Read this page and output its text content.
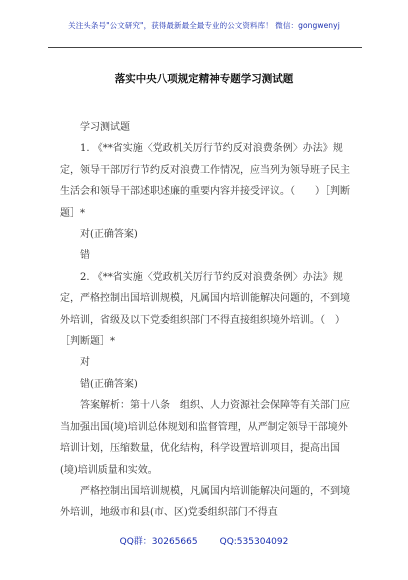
关注头条号"公文研究"，获得最新最全最专业的公文资料库！ 微信：gongwenyj
落实中央八项规定精神专题学习测试题

学习测试题

1. 《**省实施〈党政机关厉行节约反对浪费条例〉办法》规定，领导干部厉行节约反对浪费工作情况，应当列为领导班子民主生活会和领导干部述职述廉的重要内容并接受评议。（　　）［判断题］*

对(正确答案)

错

2. 《**省实施〈党政机关厉行节约反对浪费条例〉办法》规定，严格控制出国培训规模，凡属国内培训能解决问题的，不到境外培训，省级及以下党委组织部门不得直接组织境外培训。（　）［判断题］*

对

错(正确答案)

答案解析：第十八条　组织、人力资源社会保障等有关部门应当加强出国(境)培训总体规划和监督管理，从严制定领导干部境外培训计划，压缩数量，优化结构，科学设置培训项目，提高出国(境)培训质量和实效。

严格控制出国培训规模，凡属国内培训能解决问题的，不到境外培训，地级市和县(市、区)党委组织部门不得直

QQ群：30265665 QQ:535304092
